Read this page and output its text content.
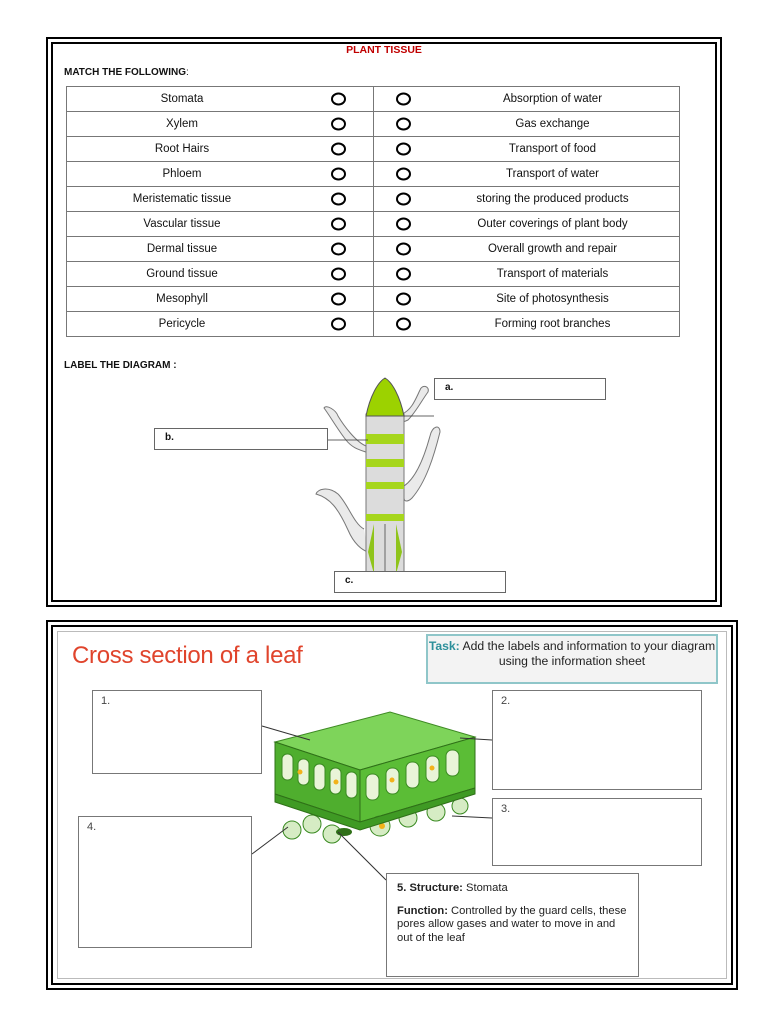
PLANT TISSUE
MATCH THE FOLLOWING:
Stomata	Absorption of water

Xylem	Gas exchange

Root Hairs	Transport of food

Phloem	Transport of water

Meristematic tissue	storing the produced products

Vascular tissue	Outer coverings of plant body

Dermal tissue	Overall growth and repair

Ground tissue	Transport of materials

Mesophyll	Site of photosynthesis

Pericycle	Forming root branches
LABEL THE DIAGRAM :
a.
b.
c.
Cross section of a leaf	Task: Add the labels and information to your diagram using the information sheet
1.	2.
3.
4.

5. Structure: Stomata

Function: Controlled by the guard cells, these pores allow gases and water to move in and out of the leaf
